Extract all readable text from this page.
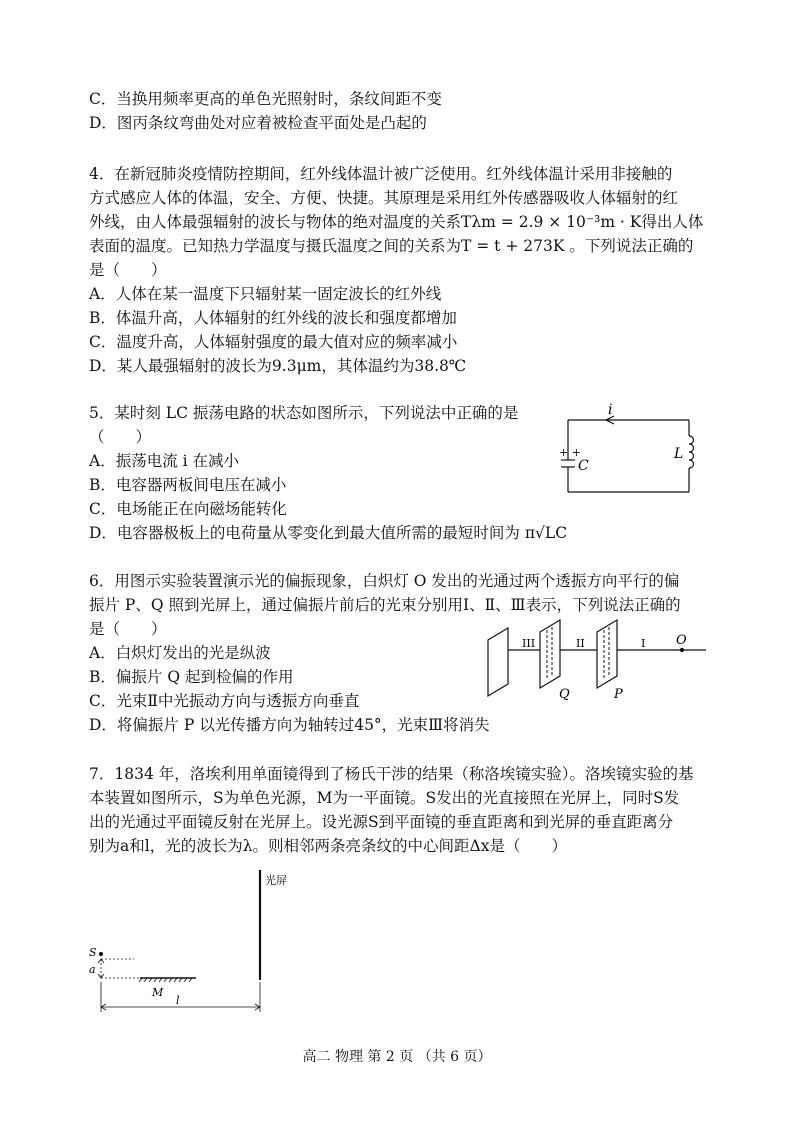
C．当换用频率更高的单色光照射时，条纹间距不变
D．图丙条纹弯曲处对应着被检查平面处是凸起的
4．在新冠肺炎疫情防控期间，红外线体温计被广泛使用。红外线体温计采用非接触的
方式感应人体的体温，安全、方便、快捷。其原理是采用红外传感器吸收人体辐射的红
外线，由人体最强辐射的波长与物体的绝对温度的关系Tλm = 2.9 × 10⁻³m · K得出人体
表面的温度。已知热力学温度与摄氏温度之间的关系为T = t + 273K 。下列说法正确的
是（　　）
A．人体在某一温度下只辐射某一固定波长的红外线
B．体温升高，人体辐射的红外线的波长和强度都增加
C．温度升高，人体辐射强度的最大值对应的频率减小
D．某人最强辐射的波长为9.3μm，其体温约为38.8℃
5．某时刻 LC 振荡电路的状态如图所示，下列说法中正确的是
（　　）
A．振荡电流 i 在减小
B．电容器两板间电压在减小
C．电场能正在向磁场能转化
D．电容器极板上的电荷量从零变化到最大值所需的最短时间为 π√LC
i
L
C
+ +
6．用图示实验装置演示光的偏振现象，白炽灯 O 发出的光通过两个透振方向平行的偏
振片 P、Q 照到光屏上，通过偏振片前后的光束分别用Ⅰ、Ⅱ、Ⅲ表示，下列说法正确的
是（　　）
A．白炽灯发出的光是纵波
B．偏振片 Q 起到检偏的作用
C．光束Ⅱ中光振动方向与透振方向垂直
D．将偏振片 P 以光传播方向为轴转过45°，光束Ⅲ将消失
III	II	I O
Q	P
7．1834 年，洛埃利用单面镜得到了杨氏干涉的结果（称洛埃镜实验）。洛埃镜实验的基
本装置如图所示，S为单色光源，M为一平面镜。S发出的光直接照在光屏上，同时S发
出的光通过平面镜反射在光屏上。设光源S到平面镜的垂直距离和到光屏的垂直距离分
别为a和l，光的波长为λ。则相邻两条亮条纹的中心间距Δx是（　　）
光屏
S
a
M
l
高二 物理 第 2 页 （共 6 页）
